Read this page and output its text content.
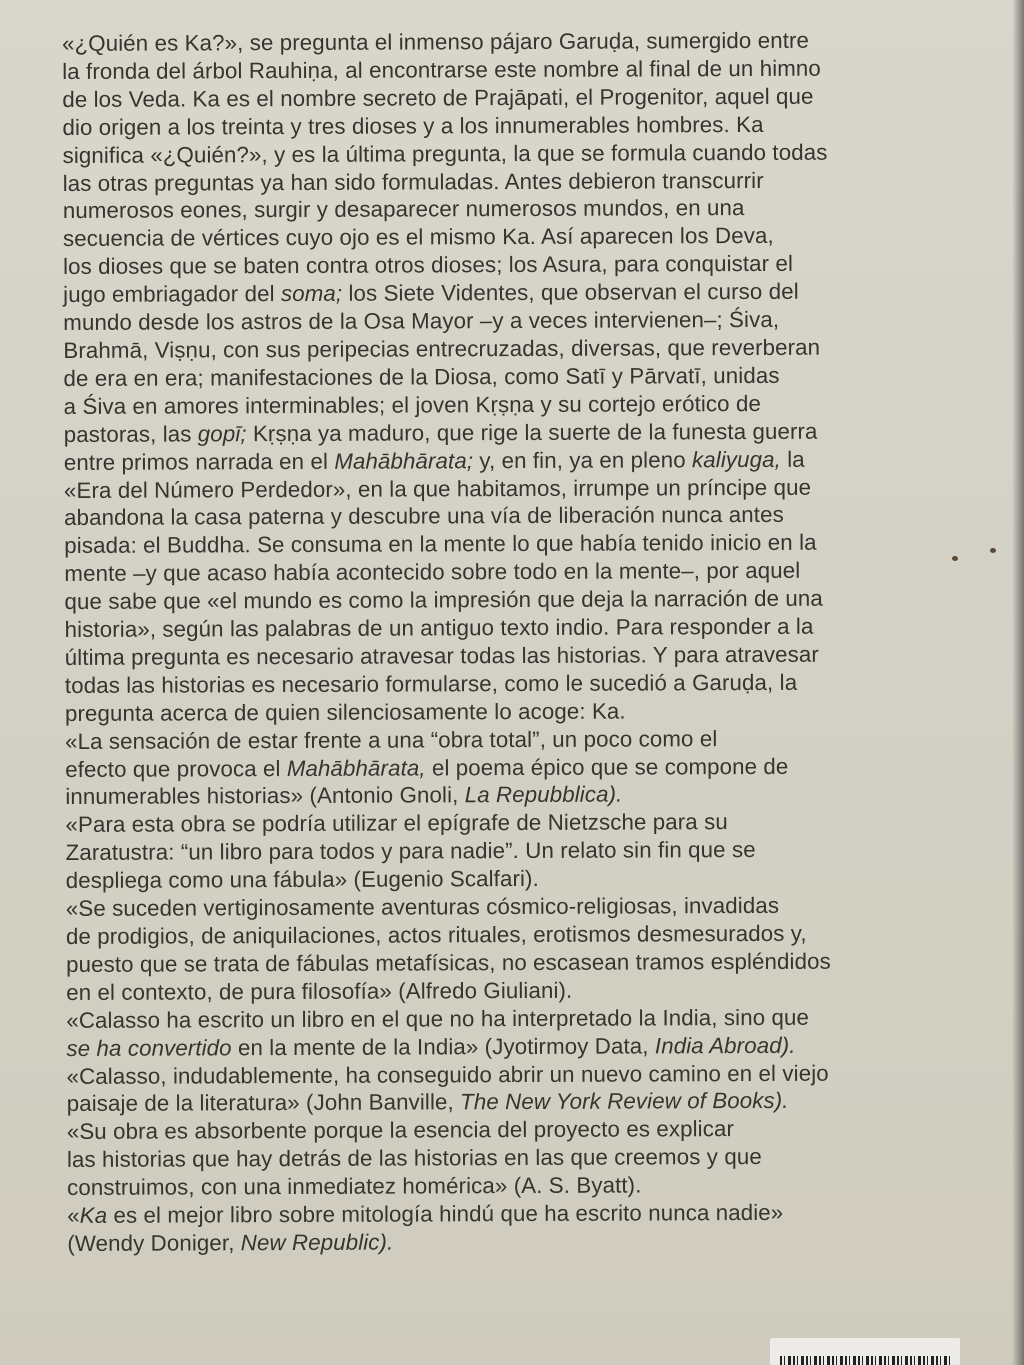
«¿Quién es Ka?», se pregunta el inmenso pájaro Garuḍa, sumergido entre
la fronda del árbol Rauhiṇa, al encontrarse este nombre al final de un himno
de los Veda. Ka es el nombre secreto de Prajāpati, el Progenitor, aquel que
dio origen a los treinta y tres dioses y a los innumerables hombres. Ka
significa «¿Quién?», y es la última pregunta, la que se formula cuando todas
las otras preguntas ya han sido formuladas. Antes debieron transcurrir
numerosos eones, surgir y desaparecer numerosos mundos, en una
secuencia de vértices cuyo ojo es el mismo Ka. Así aparecen los Deva,
los dioses que se baten contra otros dioses; los Asura, para conquistar el
jugo embriagador del soma; los Siete Videntes, que observan el curso del
mundo desde los astros de la Osa Mayor –y a veces intervienen–; Śiva,
Brahmā, Viṣṇu, con sus peripecias entrecruzadas, diversas, que reverberan
de era en era; manifestaciones de la Diosa, como Satī y Pārvatī, unidas
a Śiva en amores interminables; el joven Kṛṣṇa y su cortejo erótico de
pastoras, las gopī; Kṛṣṇa ya maduro, que rige la suerte de la funesta guerra
entre primos narrada en el Mahābhārata; y, en fin, ya en pleno kaliyuga, la
«Era del Número Perdedor», en la que habitamos, irrumpe un príncipe que
abandona la casa paterna y descubre una vía de liberación nunca antes
pisada: el Buddha. Se consuma en la mente lo que había tenido inicio en la
mente –y que acaso había acontecido sobre todo en la mente–, por aquel
que sabe que «el mundo es como la impresión que deja la narración de una
historia», según las palabras de un antiguo texto indio. Para responder a la
última pregunta es necesario atravesar todas las historias. Y para atravesar
todas las historias es necesario formularse, como le sucedió a Garuḍa, la
pregunta acerca de quien silenciosamente lo acoge: Ka.
«La sensación de estar frente a una “obra total”, un poco como el
efecto que provoca el Mahābhārata, el poema épico que se compone de
innumerables historias» (Antonio Gnoli, La Repubblica).
«Para esta obra se podría utilizar el epígrafe de Nietzsche para su
Zaratustra: “un libro para todos y para nadie”. Un relato sin fin que se
despliega como una fábula» (Eugenio Scalfari).
«Se suceden vertiginosamente aventuras cósmico-religiosas, invadidas
de prodigios, de aniquilaciones, actos rituales, erotismos desmesurados y,
puesto que se trata de fábulas metafísicas, no escasean tramos espléndidos
en el contexto, de pura filosofía» (Alfredo Giuliani).
«Calasso ha escrito un libro en el que no ha interpretado la India, sino que
se ha convertido en la mente de la India» (Jyotirmoy Data, India Abroad).
«Calasso, indudablemente, ha conseguido abrir un nuevo camino en el viejo
paisaje de la literatura» (John Banville, The New York Review of Books).
«Su obra es absorbente porque la esencia del proyecto es explicar
las historias que hay detrás de las historias en las que creemos y que
construimos, con una inmediatez homérica» (A. S. Byatt).
«Ka es el mejor libro sobre mitología hindú que ha escrito nunca nadie»
(Wendy Doniger, New Republic).
